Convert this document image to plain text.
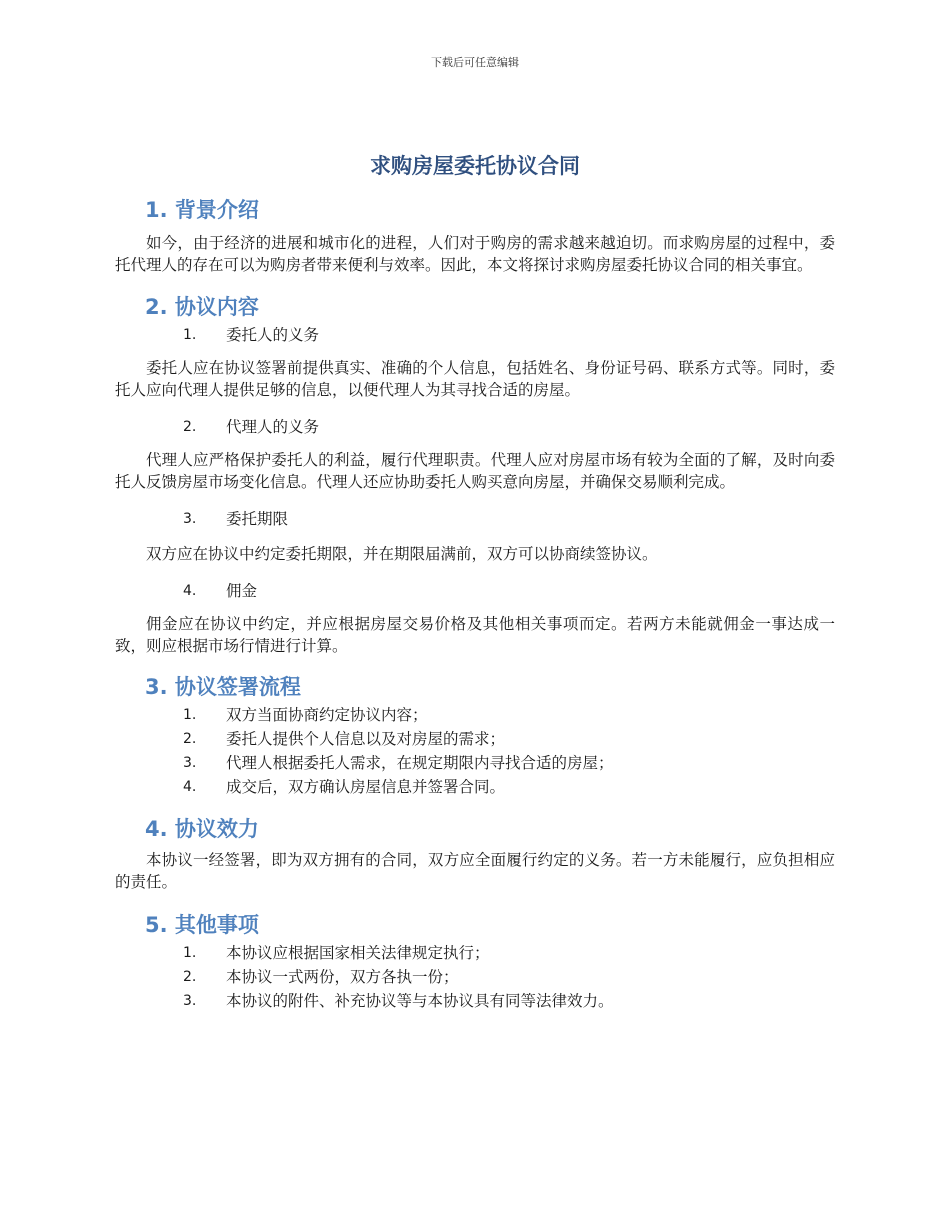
下载后可任意编辑
求购房屋委托协议合同
1. 背景介绍

如今，由于经济的进展和城市化的进程，人们对于购房的需求越来越迫切。而求购房屋的过程中，委托代理人的存在可以为购房者带来便利与效率。因此，本文将探讨求购房屋委托协议合同的相关事宜。

2. 协议内容
1.	委托人的义务

委托人应在协议签署前提供真实、准确的个人信息，包括姓名、身份证号码、联系方式等。同时，委托人应向代理人提供足够的信息，以便代理人为其寻找合适的房屋。

2.	代理人的义务

代理人应严格保护委托人的利益，履行代理职责。代理人应对房屋市场有较为全面的了解，及时向委托人反馈房屋市场变化信息。代理人还应协助委托人购买意向房屋，并确保交易顺利完成。

3.	委托期限

双方应在协议中约定委托期限，并在期限届满前，双方可以协商续签协议。

4.	佣金

佣金应在协议中约定，并应根据房屋交易价格及其他相关事项而定。若两方未能就佣金一事达成一致，则应根据市场行情进行计算。

3. 协议签署流程
1.	双方当面协商约定协议内容；
2.	委托人提供个人信息以及对房屋的需求；
3.	代理人根据委托人需求，在规定期限内寻找合适的房屋；
4.	成交后，双方确认房屋信息并签署合同。
4. 协议效力

本协议一经签署，即为双方拥有的合同，双方应全面履行约定的义务。若一方未能履行，应负担相应的责任。

5. 其他事项
1.	本协议应根据国家相关法律规定执行；
2.	本协议一式两份，双方各执一份；
3.	本协议的附件、补充协议等与本协议具有同等法律效力。
